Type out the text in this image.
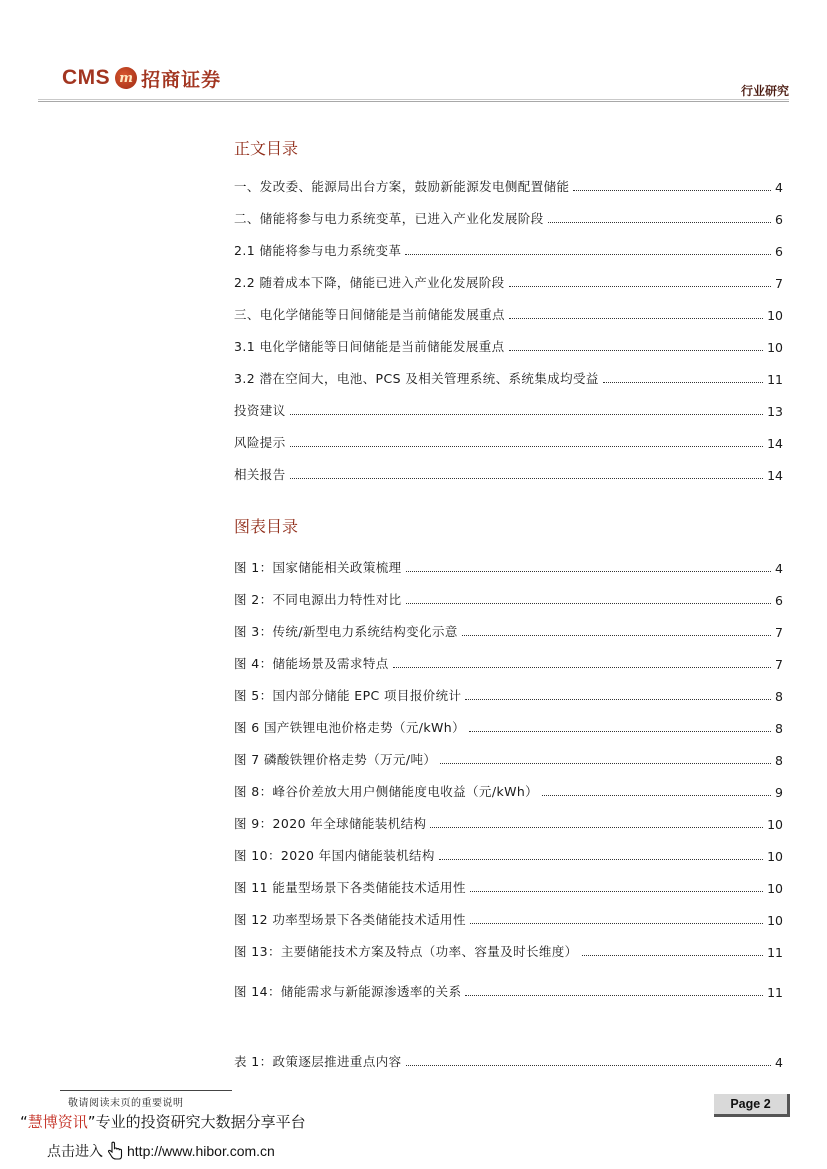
CMS m 招商证券
行业研究
正文目录
一、发改委、能源局出台方案，鼓励新能源发电侧配置储能	4
二、储能将参与电力系统变革，已进入产业化发展阶段	6
2.1 储能将参与电力系统变革	6
2.2 随着成本下降，储能已进入产业化发展阶段	7
三、电化学储能等日间储能是当前储能发展重点	10
3.1 电化学储能等日间储能是当前储能发展重点	10
3.2 潜在空间大，电池、PCS 及相关管理系统、系统集成均受益	11
投资建议	13
风险提示	14
相关报告	14
图表目录
图 1：国家储能相关政策梳理	4
图 2：不同电源出力特性对比	6
图 3：传统/新型电力系统结构变化示意	7
图 4：储能场景及需求特点	7
图 5：国内部分储能 EPC 项目报价统计	8
图 6 国产铁锂电池价格走势（元/kWh）	8
图 7 磷酸铁锂价格走势（万元/吨）	8
图 8：峰谷价差放大用户侧储能度电收益（元/kWh）	9
图 9：2020 年全球储能装机结构	10
图 10：2020 年国内储能装机结构	10
图 11 能量型场景下各类储能技术适用性	10
图 12 功率型场景下各类储能技术适用性	10
图 13：主要储能技术方案及特点（功率、容量及时长维度）	11
图 14：储能需求与新能源渗透率的关系	11
表 1：政策逐层推进重点内容	4
敬请阅读末页的重要说明	Page 2
“慧博资讯”专业的投资研究大数据分享平台
点击进入 http://www.hibor.com.cn
